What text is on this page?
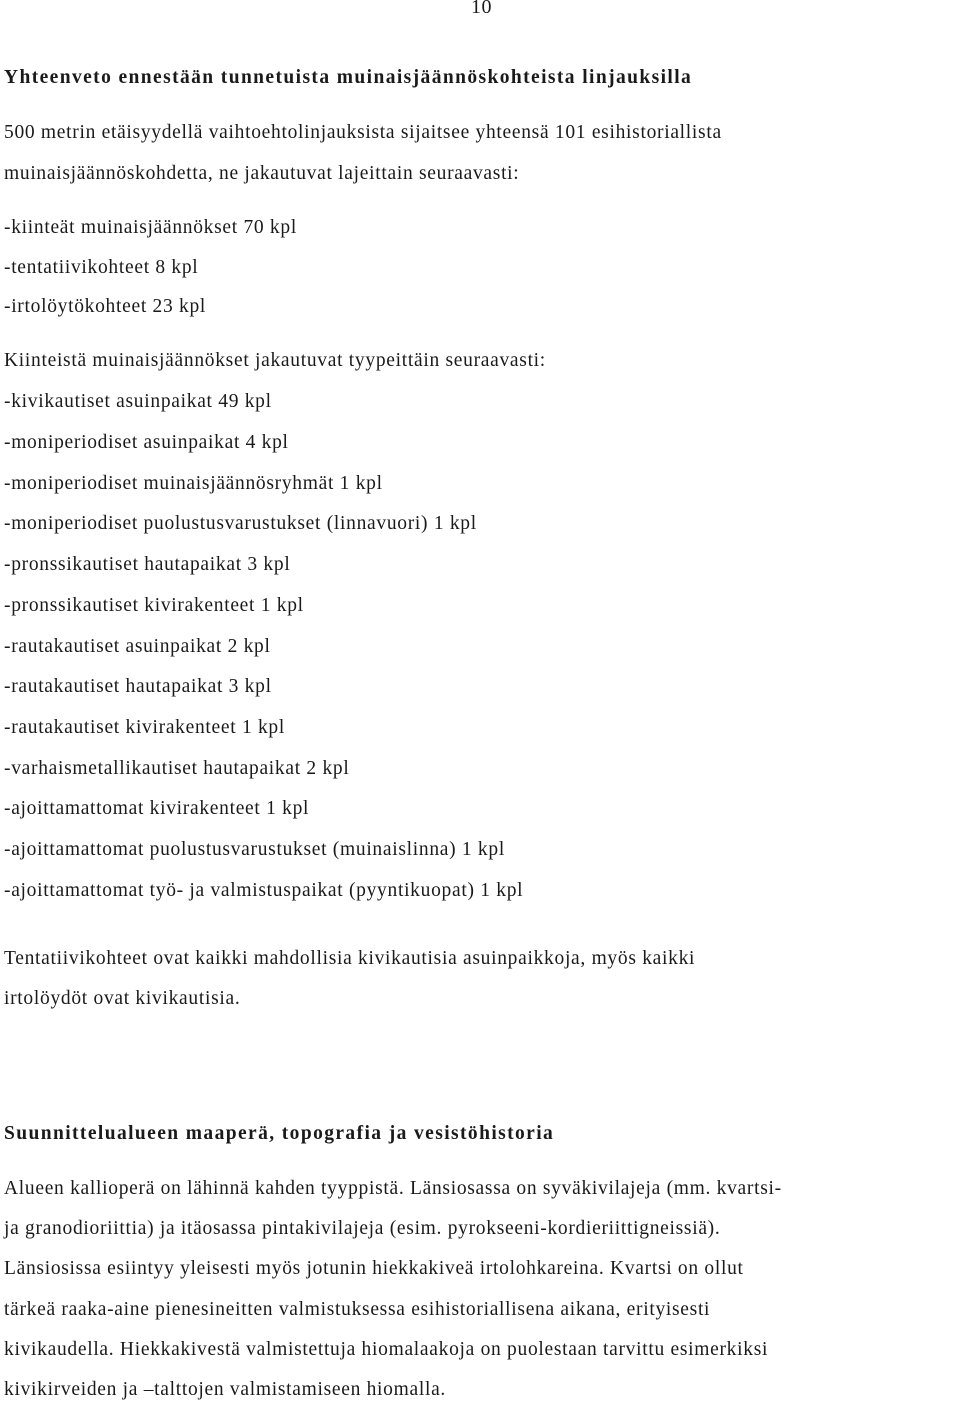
10
Yhteenveto ennestään tunnetuista muinaisjäännöskohteista linjauksilla
500 metrin etäisyydellä vaihtoehtolinjauksista sijaitsee yhteensä 101 esihistoriallista
muinaisjäännöskohdetta, ne jakautuvat lajeittain seuraavasti:
-kiinteät muinaisjäännökset 70 kpl
-tentatiivikohteet 8 kpl
-irtolöytökohteet 23 kpl
Kiinteistä muinaisjäännökset jakautuvat tyypeittäin seuraavasti:
-kivikautiset asuinpaikat 49 kpl
-moniperiodiset asuinpaikat 4 kpl
-moniperiodiset muinaisjäännösryhmät 1 kpl
-moniperiodiset puolustusvarustukset (linnavuori) 1 kpl
-pronssikautiset hautapaikat 3 kpl
-pronssikautiset kivirakenteet 1 kpl
-rautakautiset asuinpaikat 2 kpl
-rautakautiset hautapaikat 3 kpl
-rautakautiset kivirakenteet 1 kpl
-varhaismetallikautiset hautapaikat 2 kpl
-ajoittamattomat kivirakenteet 1 kpl
-ajoittamattomat puolustusvarustukset (muinaislinna) 1 kpl
-ajoittamattomat työ- ja valmistuspaikat (pyyntikuopat) 1 kpl
Tentatiivikohteet ovat kaikki mahdollisia kivikautisia asuinpaikkoja, myös kaikki
irtolöydöt ovat kivikautisia.
Suunnittelualueen maaperä, topografia ja vesistöhistoria
Alueen kallioperä on lähinnä kahden tyyppistä. Länsiosassa on syväkivilajeja (mm. kvartsi-
ja granodioriittia) ja itäosassa pintakivilajeja (esim. pyrokseeni-kordieriittigneissiä).
Länsiosissa esiintyy yleisesti myös jotunin hiekkakiveä irtolohkareina. Kvartsi on ollut
tärkeä raaka-aine pienesineitten valmistuksessa esihistoriallisena aikana, erityisesti
kivikaudella. Hiekkakivestä valmistettuja hiomalaakoja on puolestaan tarvittu esimerkiksi
kivikirveiden ja –talttojen valmistamiseen hiomalla.
